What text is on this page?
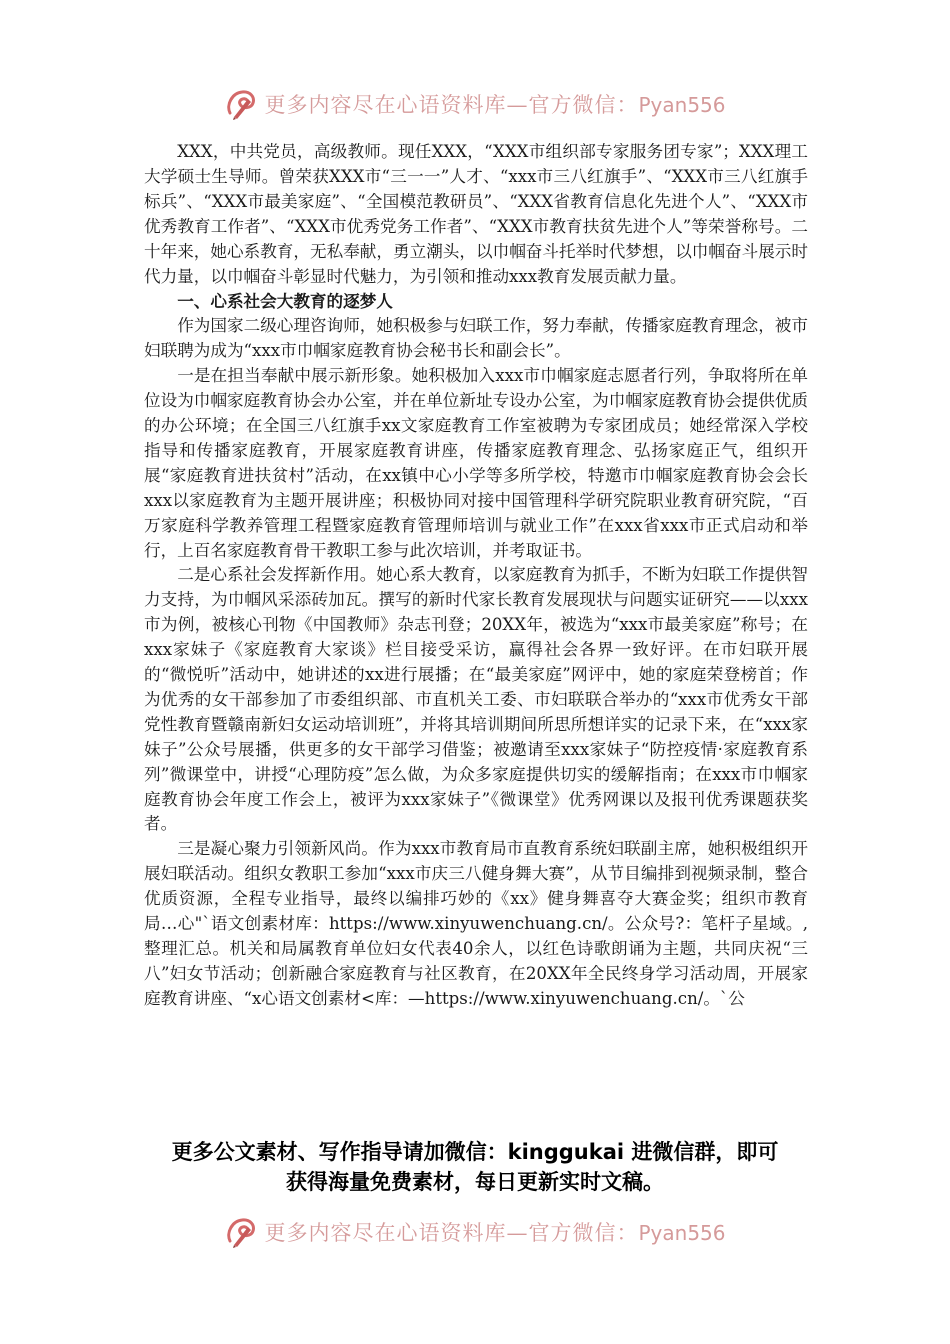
更多内容尽在心语资料库—官方微信：Pyan556

XXX，中共党员，高级教师。现任XXX，“XXX市组织部专家服务团专家”；XXX理工大学硕士生导师。曾荣获XXX市“三一一”人才、“xxx市三八红旗手”、“XXX市三八红旗手标兵”、“XXX市最美家庭”、“全国模范教研员”、“XXX省教育信息化先进个人”、“XXX市优秀教育工作者”、“XXX市优秀党务工作者”、“XXX市教育扶贫先进个人”等荣誉称号。二十年来，她心系教育，无私奉献，勇立潮头，以巾帼奋斗托举时代梦想，以巾帼奋斗展示时代力量，以巾帼奋斗彰显时代魅力，为引领和推动xxx教育发展贡献力量。

一、心系社会大教育的逐梦人

作为国家二级心理咨询师，她积极参与妇联工作，努力奉献，传播家庭教育理念，被市妇联聘为成为“xxx市巾帼家庭教育协会秘书长和副会长”。

一是在担当奉献中展示新形象。她积极加入xxx市巾帼家庭志愿者行列，争取将所在单位设为巾帼家庭教育协会办公室，并在单位新址专设办公室，为巾帼家庭教育协会提供优质的办公环境；在全国三八红旗手xx文家庭教育工作室被聘为专家团成员；她经常深入学校指导和传播家庭教育，开展家庭教育讲座，传播家庭教育理念、弘扬家庭正气，组织开展“家庭教育进扶贫村”活动，在xx镇中心小学等多所学校，特邀市巾帼家庭教育协会会长xxx以家庭教育为主题开展讲座；积极协同对接中国管理科学研究院职业教育研究院，“百万家庭科学教养管理工程暨家庭教育管理师培训与就业工作”在xxx省xxx市正式启动和举行，上百名家庭教育骨干教职工参与此次培训，并考取证书。

二是心系社会发挥新作用。她心系大教育，以家庭教育为抓手，不断为妇联工作提供智力支持，为巾帼风采添砖加瓦。撰写的新时代家长教育发展现状与问题实证研究——以xxx市为例，被核心刊物《中国教师》杂志刊登；20XX年，被选为“xxx市最美家庭”称号；在xxx家妹子《家庭教育大家谈》栏目接受采访，赢得社会各界一致好评。在市妇联开展的“微悦听”活动中，她讲述的xx进行展播；在“最美家庭”网评中，她的家庭荣登榜首；作为优秀的女干部参加了市委组织部、市直机关工委、市妇联联合举办的“xxx市优秀女干部党性教育暨赣南新妇女运动培训班”，并将其培训期间所思所想详实的记录下来，在“xxx家妹子”公众号展播，供更多的女干部学习借鉴；被邀请至xxx家妹子“防控疫情·家庭教育系列”微课堂中，讲授“心理防疫”怎么做，为众多家庭提供切实的缓解指南；在xxx市巾帼家庭教育协会年度工作会上，被评为xxx家妹子”《微课堂》优秀网课以及报刊优秀课题获奖者。

三是凝心聚力引领新风尚。作为xxx市教育局市直教育系统妇联副主席，她积极组织开展妇联活动。组织女教职工参加“xxx市庆三八健身舞大赛”，从节目编排到视频录制，整合优质资源，全程专业指导，最终以编排巧妙的《xx》健身舞喜夺大赛金奖；组织市教育局…心"`语文创素材库：https://www.xinyuwenchuang.cn/。公众号?：笔杆子星域。,整理汇总。机关和局属教育单位妇女代表40余人，以红色诗歌朗诵为主题，共同庆祝“三八”妇女节活动；创新融合家庭教育与社区教育，在20XX年全民终身学习活动周，开展家庭教育讲座、“x心语文创素材<库：—https://www.xinyuwenchuang.cn/。`公

更多公文素材、写作指导请加微信：kinggukai 进微信群，即可
获得海量免费素材，每日更新实时文稿。
更多内容尽在心语资料库—官方微信：Pyan556
